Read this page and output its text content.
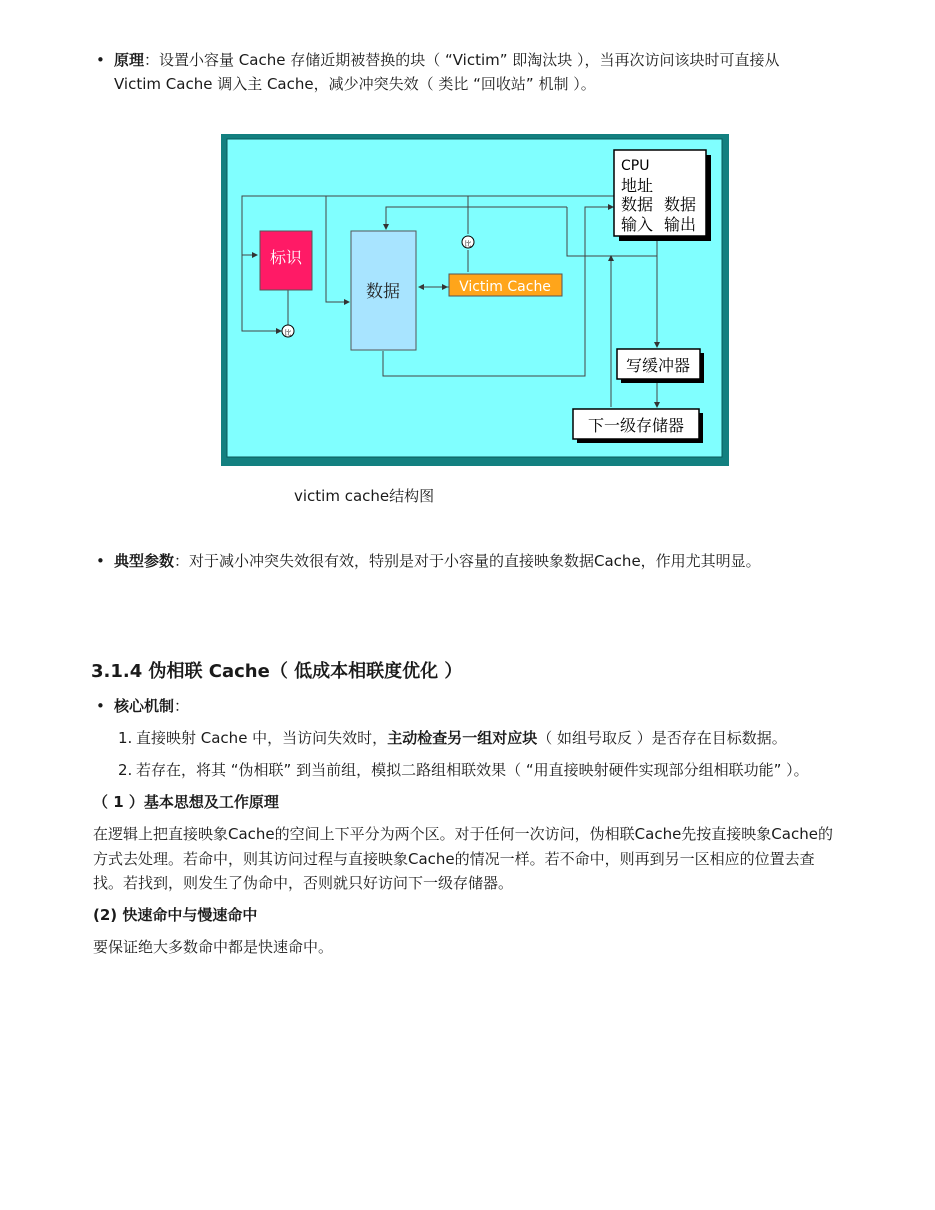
• 原理：设置小容量 Cache 存储近期被替换的块（ “Victim” 即淘汰块 ），当再次访问该块时可直接从 Victim Cache 调入主 Cache，减少冲突失效（ 类比 “回收站” 机制 ）。
CPU
地址
数据 数据
输入 输出
标识
比
数据
比
Victim Cache
写缓冲器
下一级存储器
victim cache结构图
• 典型参数：对于减小冲突失效很有效，特别是对于小容量的直接映象数据Cache，作用尤其明显。
3.1.4 伪相联 Cache（ 低成本相联度优化 ）
• 核心机制：
1. 直接映射 Cache 中，当访问失效时，主动检查另一组对应块（ 如组号取反 ）是否存在目标数据。
2. 若存在，将其 “伪相联” 到当前组，模拟二路组相联效果（ “用直接映射硬件实现部分组相联功能” ）。
（ 1 ）基本思想及工作原理
在逻辑上把直接映象Cache的空间上下平分为两个区。对于任何一次访问，伪相联Cache先按直接映象Cache的方式去处理。若命中，则其访问过程与直接映象Cache的情况一样。若不命中，则再到另一区相应的位置去查找。若找到，则发生了伪命中，否则就只好访问下一级存储器。
(2) 快速命中与慢速命中
要保证绝大多数命中都是快速命中。
